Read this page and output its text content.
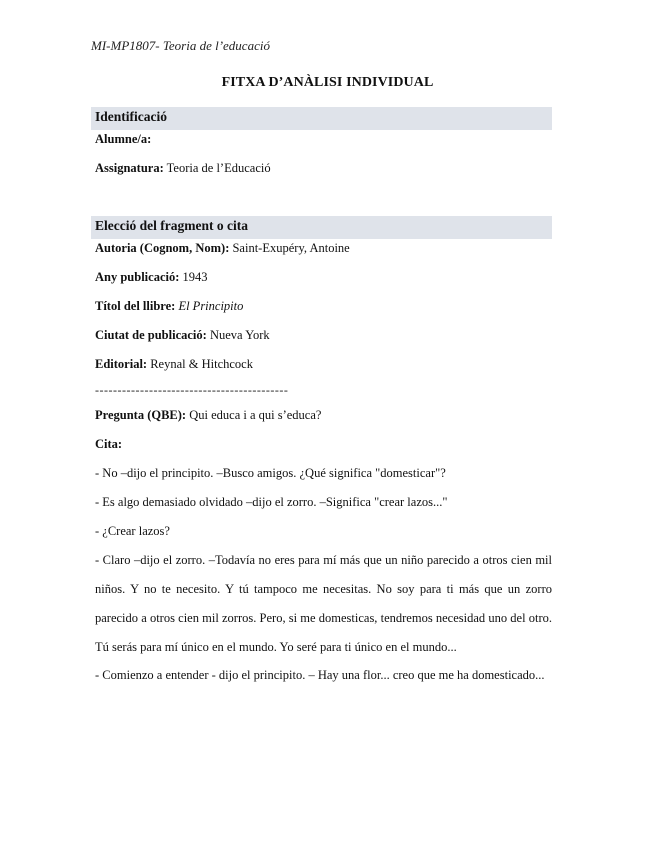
MI-MP1807- Teoria de l’educació
FITXA D’ANÀLISI INDIVIDUAL
Identificació
Alumne/a:
Assignatura: Teoria de l’Educació
Elecció del fragment o cita
Autoria (Cognom, Nom): Saint-Exupéry, Antoine
Any publicació: 1943
Títol del llibre: El Principito
Ciutat de publicació: Nueva York
Editorial: Reynal & Hitchcock
-------------------------------------------
Pregunta (QBE): Qui educa i a qui s’educa?
Cita:
- No –dijo el principito. –Busco amigos. ¿Qué significa "domesticar"?
- Es algo demasiado olvidado –dijo el zorro. –Significa "crear lazos..."
- ¿Crear lazos?
- Claro –dijo el zorro. –Todavía no eres para mí más que un niño parecido a otros cien mil niños. Y no te necesito. Y tú tampoco me necesitas. No soy para ti más que un zorro parecido a otros cien mil zorros. Pero, si me domesticas, tendremos necesidad uno del otro. Tú serás para mí único en el mundo. Yo seré para ti único en el mundo...
- Comienzo a entender - dijo el principito. – Hay una flor... creo que me ha domesticado...
